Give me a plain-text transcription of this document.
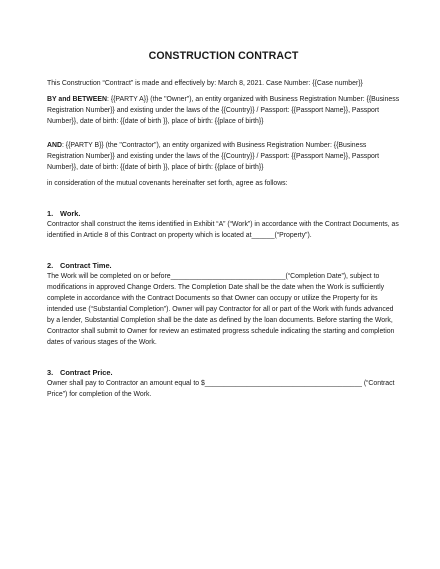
CONSTRUCTION CONTRACT

This Construction “Contract” is made and effectively by: March 8, 2021. Case Number: {{Case number}}

BY and BETWEEN: {{PARTY A}} (the "Owner"), an entity organized with Business Registration Number: {{Business Registration Number}} and existing under the laws of the {{Country}} / Passport: {{Passport Name}}, Passport Number}}, date of birth: {{date of birth }}, place of birth: {{place of birth}}

AND: {{PARTY B}} (the "Contractor"), an entity organized with Business Registration Number: {{Business Registration Number}} and existing under the laws of the {{Country}} / Passport: {{Passport Name}}, Passport Number}}, date of birth: {{date of birth }}, place of birth: {{place of birth}}

in consideration of the mutual covenants hereinafter set forth, agree as follows:

1. Work.

Contractor shall construct the items identified in Exhibit “A” (“Work”) in accordance with the Contract Documents, as identified in Article 8 of this Contract on property which is located at______(“Property”).

2. Contract Time.

The Work will be completed on or before______________________________(“Completion Date”), subject to modifications in approved Change Orders. The Completion Date shall be the date when the Work is sufficiently complete in accordance with the Contract Documents so that Owner can occupy or utilize the Property for its intended use (“Substantial Completion”). Owner will pay Contractor for all or part of the Work with funds advanced by a lender, Substantial Completion shall be the date as defined by the loan documents. Before starting the Work, Contractor shall submit to Owner for review an estimated progress schedule indicating the starting and completion dates of various stages of the Work.

3. Contract Price.

Owner shall pay to Contractor an amount equal to $_________________________________________ (“Contract Price”) for completion of the Work.
